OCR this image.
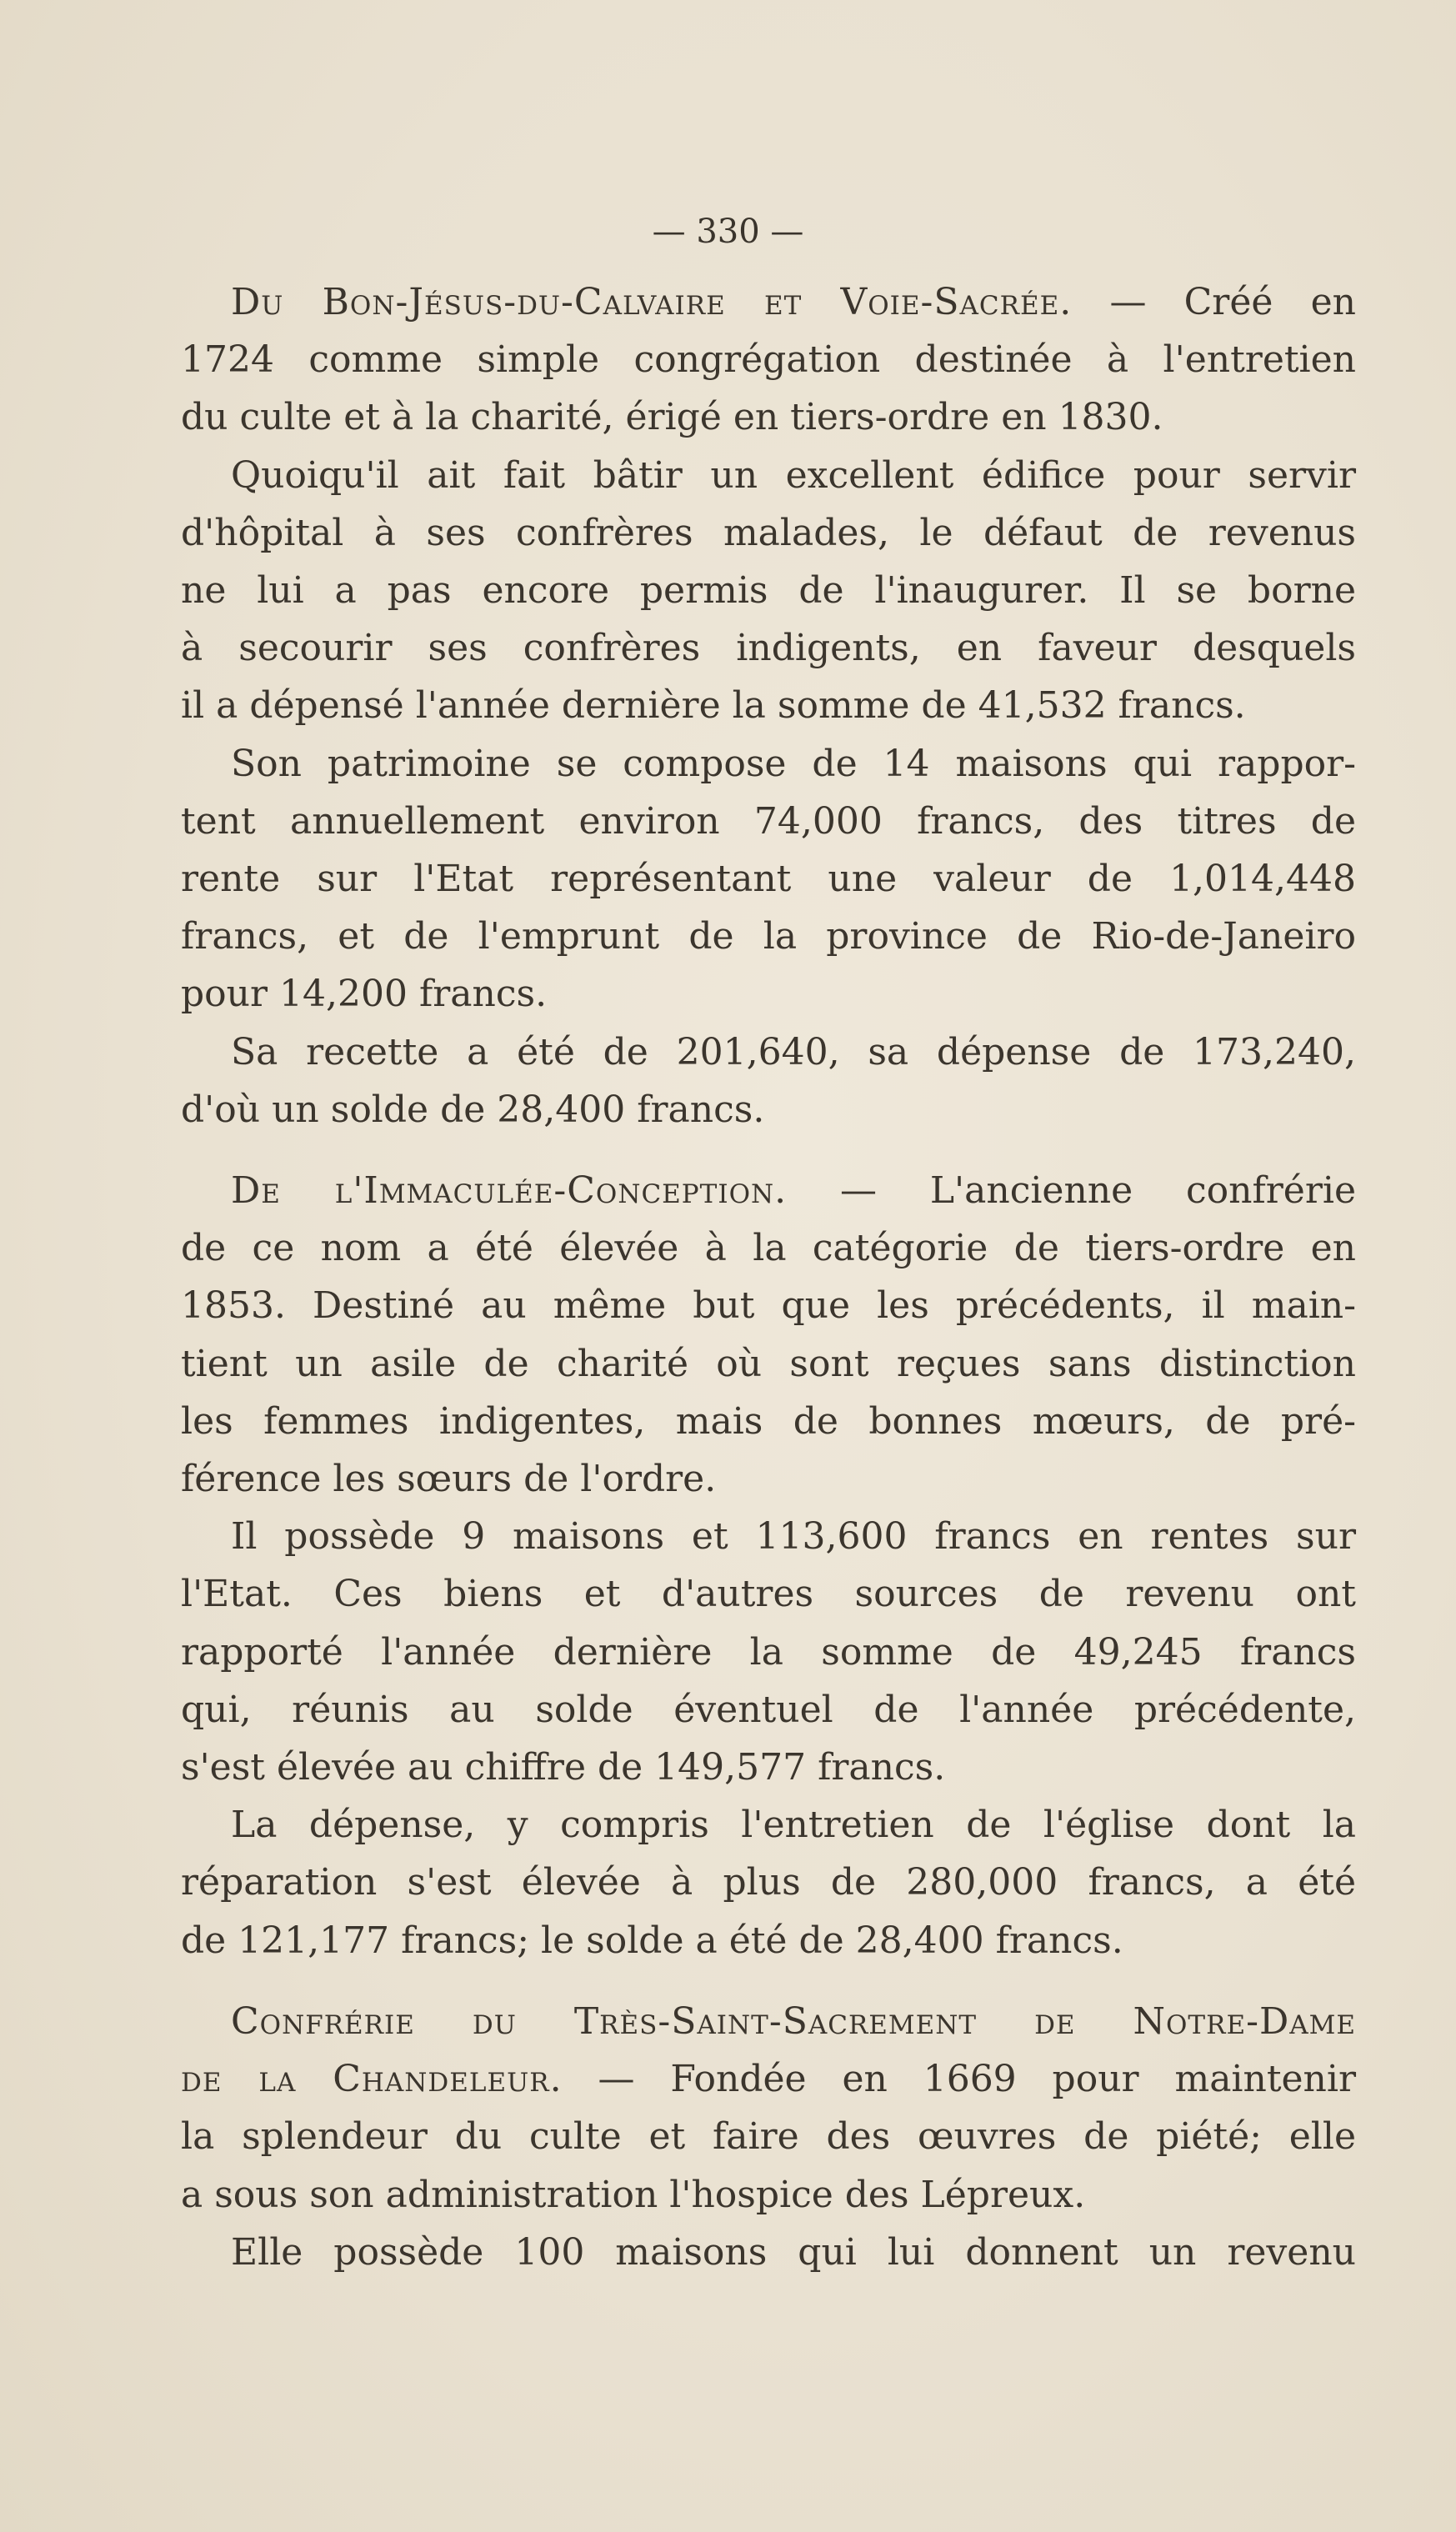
— 330 —
Du Bon-Jésus-du-Calvaire et Voie-Sacrée. — Créé en
1724 comme simple congrégation destinée à l'entretien
du culte et à la charité, érigé en tiers-ordre en 1830.
Quoiqu'il ait fait bâtir un excellent édifice pour servir
d'hôpital à ses confrères malades, le défaut de revenus
ne lui a pas encore permis de l'inaugurer. Il se borne
à secourir ses confrères indigents, en faveur desquels
il a dépensé l'année dernière la somme de 41,532 francs.
Son patrimoine se compose de 14 maisons qui rappor-
tent annuellement environ 74,000 francs, des titres de
rente sur l'Etat représentant une valeur de 1,014,448
francs, et de l'emprunt de la province de Rio-de-Janeiro
pour 14,200 francs.
Sa recette a été de 201,640, sa dépense de 173,240,
d'où un solde de 28,400 francs.
De l'Immaculée-Conception. — L'ancienne confrérie
de ce nom a été élevée à la catégorie de tiers-ordre en
1853. Destiné au même but que les précédents, il main-
tient un asile de charité où sont reçues sans distinction
les femmes indigentes, mais de bonnes mœurs, de pré-
férence les sœurs de l'ordre.
Il possède 9 maisons et 113,600 francs en rentes sur
l'Etat. Ces biens et d'autres sources de revenu ont
rapporté l'année dernière la somme de 49,245 francs
qui, réunis au solde éventuel de l'année précédente,
s'est élevée au chiffre de 149,577 francs.
La dépense, y compris l'entretien de l'église dont la
réparation s'est élevée à plus de 280,000 francs, a été
de 121,177 francs; le solde a été de 28,400 francs.
Confrérie du Très-Saint-Sacrement de Notre-Dame
de la Chandeleur. — Fondée en 1669 pour maintenir
la splendeur du culte et faire des œuvres de piété; elle
a sous son administration l'hospice des Lépreux.
Elle possède 100 maisons qui lui donnent un revenu
